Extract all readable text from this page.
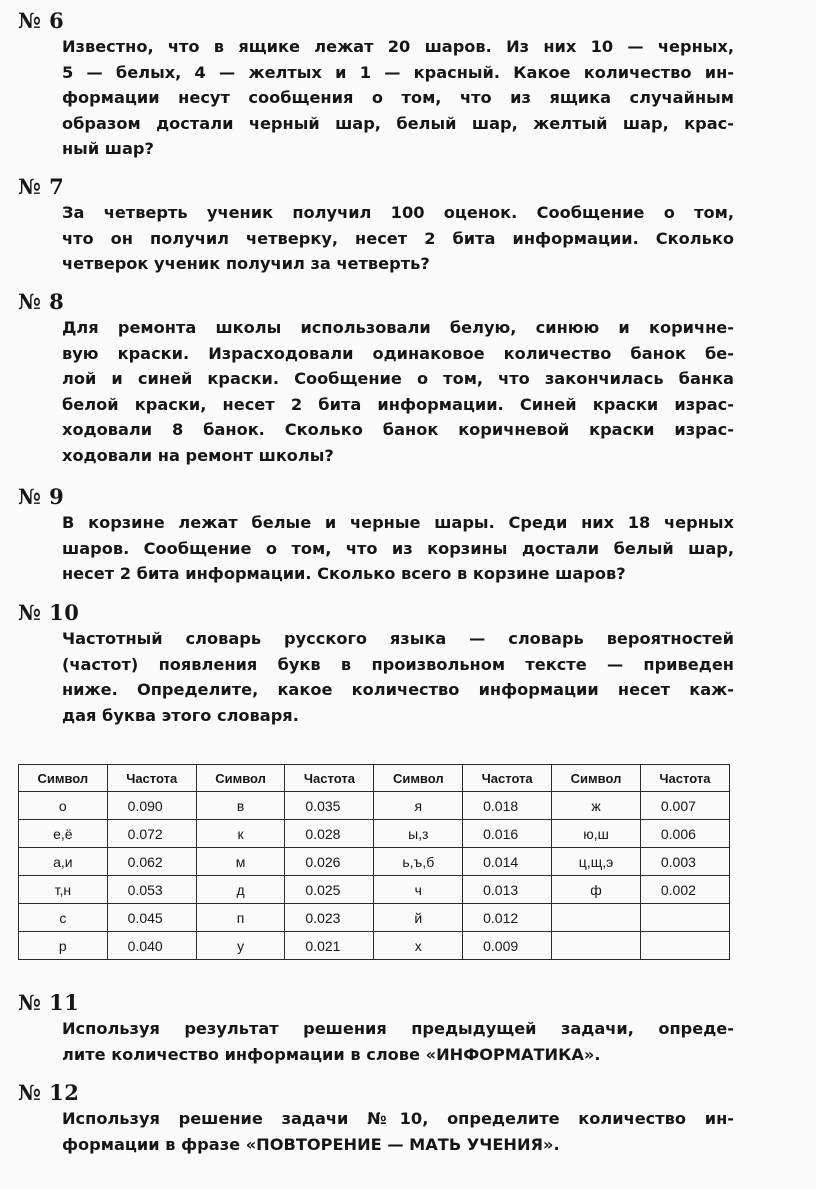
№ 6
Известно, что в ящике лежат 20 шаров. Из них 10 — черных,
5 — белых, 4 — желтых и 1 — красный. Какое количество ин-
формации несут сообщения о том, что из ящика случайным
образом достали черный шар, белый шар, желтый шар, крас-
ный шар?
№ 7
За четверть ученик получил 100 оценок. Сообщение о том,
что он получил четверку, несет 2 бита информации. Сколько
четверок ученик получил за четверть?
№ 8
Для ремонта школы использовали белую, синюю и коричне-
вую краски. Израсходовали одинаковое количество банок бе-
лой и синей краски. Сообщение о том, что закончилась банка
белой краски, несет 2 бита информации. Синей краски израс-
ходовали 8 банок. Сколько банок коричневой краски израс-
ходовали на ремонт школы?
№ 9
В корзине лежат белые и черные шары. Среди них 18 черных
шаров. Сообщение о том, что из корзины достали белый шар,
несет 2 бита информации. Сколько всего в корзине шаров?
№ 10
Частотный словарь русского языка — словарь вероятностей
(частот) появления букв в произвольном тексте — приведен
ниже. Определите, какое количество информации несет каж-
дая буква этого словаря.
Символ	Частота	Символ	Частота	Символ	Частота	Символ	Частота
о	0.090	в	0.035	я	0.018	ж	0.007
е,ё	0.072	к	0.028	ы,з	0.016	ю,ш	0.006
а,и	0.062	м	0.026	ь,ъ,б	0.014	ц,щ,э	0.003
т,н	0.053	д	0.025	ч	0.013	ф	0.002
с	0.045	п	0.023	й	0.012		
р	0.040	у	0.021	х	0.009		
№ 11
Используя результат решения предыдущей задачи, опреде-
лите количество информации в слове «ИНФОРМАТИКА».
№ 12
Используя решение задачи №10, определите количество ин-
формации в фразе «ПОВТОРЕНИЕ — МАТЬ УЧЕНИЯ».
